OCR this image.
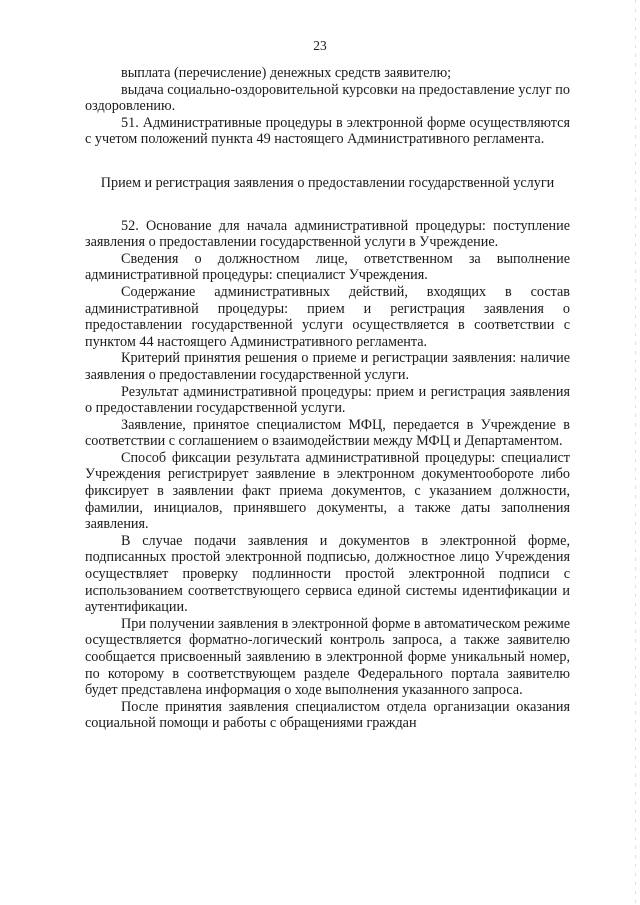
23

выплата (перечисление) денежных средств заявителю;

выдача социально-оздоровительной курсовки на предоставление услуг по оздоровлению.

51. Административные процедуры в электронной форме осуществляются с учетом положений пункта 49 настоящего Административного регламента.

Прием и регистрация заявления о предоставлении государственной услуги

52. Основание для начала административной процедуры: поступление заявления о предоставлении государственной услуги в Учреждение.

Сведения о должностном лице, ответственном за выполнение административной процедуры: специалист Учреждения.

Содержание административных действий, входящих в состав административной процедуры: прием и регистрация заявления о предоставлении государственной услуги осуществляется в соответствии с пунктом 44 настоящего Административного регламента.

Критерий принятия решения о приеме и регистрации заявления: наличие заявления о предоставлении государственной услуги.

Результат административной процедуры: прием и регистрация заявления о предоставлении государственной услуги.

Заявление, принятое специалистом МФЦ, передается в Учреждение в соответствии с соглашением о взаимодействии между МФЦ и Департаментом.

Способ фиксации результата административной процедуры: специалист Учреждения регистрирует заявление в электронном документообороте либо фиксирует в заявлении факт приема документов, с указанием должности, фамилии, инициалов, принявшего документы, а также даты заполнения заявления.

В случае подачи заявления и документов в электронной форме, подписанных простой электронной подписью, должностное лицо Учреждения осуществляет проверку подлинности простой электронной подписи с использованием соответствующего сервиса единой системы идентификации и аутентификации.

При получении заявления в электронной форме в автоматическом режиме осуществляется форматно-логический контроль запроса, а также заявителю сообщается присвоенный заявлению в электронной форме уникальный номер, по которому в соответствующем разделе Федерального портала заявителю будет представлена информация о ходе выполнения указанного запроса.

После принятия заявления специалистом отдела организации оказания социальной помощи и работы с обращениями граждан
